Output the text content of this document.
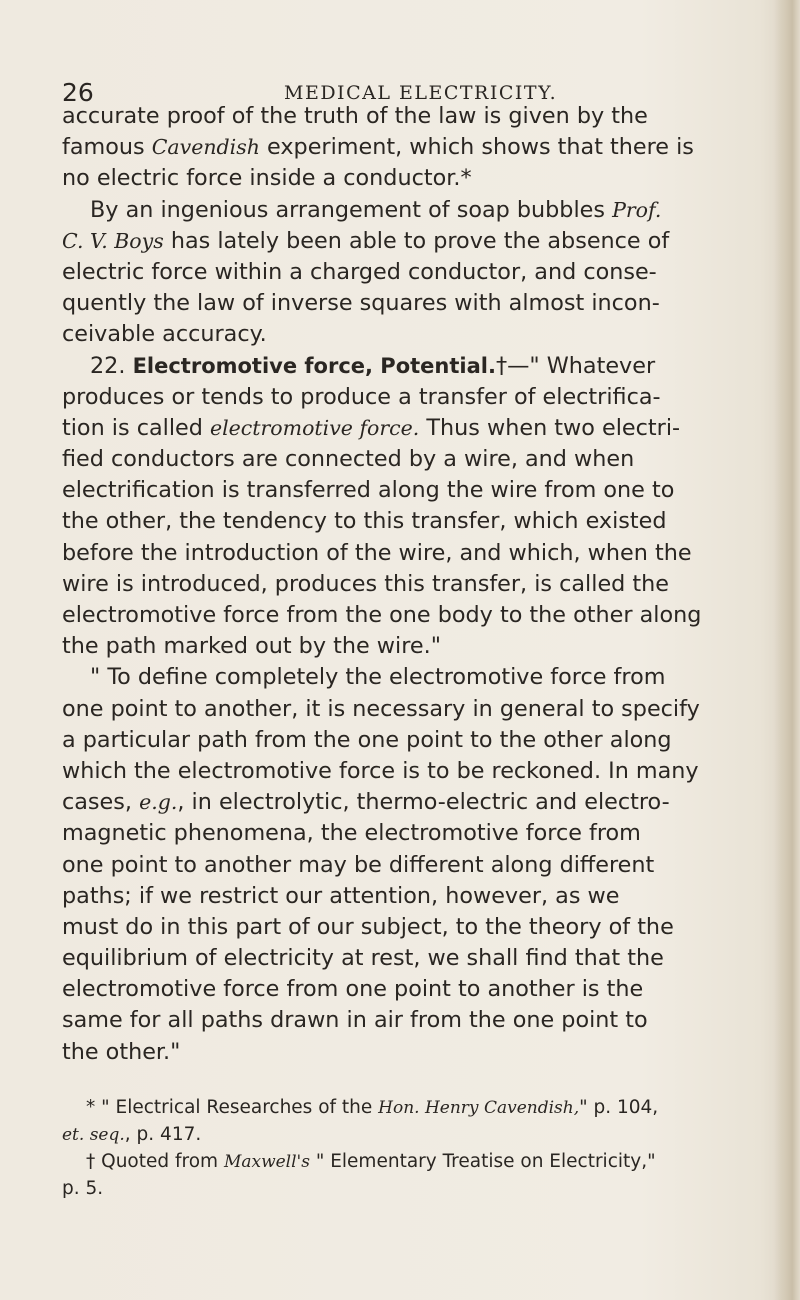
26	MEDICAL ELECTRICITY.
accurate proof of the truth of the law is given by the
famous Cavendish experiment, which shows that there is
no electric force inside a conductor.*
By an ingenious arrangement of soap bubbles Prof.
C. V. Boys has lately been able to prove the absence of
electric force within a charged conductor, and conse-
quently the law of inverse squares with almost incon-
ceivable accuracy.
22. Electromotive force, Potential.†—" Whatever
produces or tends to produce a transfer of electrifica-
tion is called electromotive force. Thus when two electri-
fied conductors are connected by a wire, and when
electrification is transferred along the wire from one to
the other, the tendency to this transfer, which existed
before the introduction of the wire, and which, when the
wire is introduced, produces this transfer, is called the
electromotive force from the one body to the other along
the path marked out by the wire."
" To define completely the electromotive force from
one point to another, it is necessary in general to specify
a particular path from the one point to the other along
which the electromotive force is to be reckoned. In many
cases, e.g., in electrolytic, thermo-electric and electro-
magnetic phenomena, the electromotive force from
one point to another may be different along different
paths; if we restrict our attention, however, as we
must do in this part of our subject, to the theory of the
equilibrium of electricity at rest, we shall find that the
electromotive force from one point to another is the
same for all paths drawn in air from the one point to
the other."
* " Electrical Researches of the Hon. Henry Cavendish," p. 104,
et. seq., p. 417.
† Quoted from Maxwell's " Elementary Treatise on Electricity,"
p. 5.
